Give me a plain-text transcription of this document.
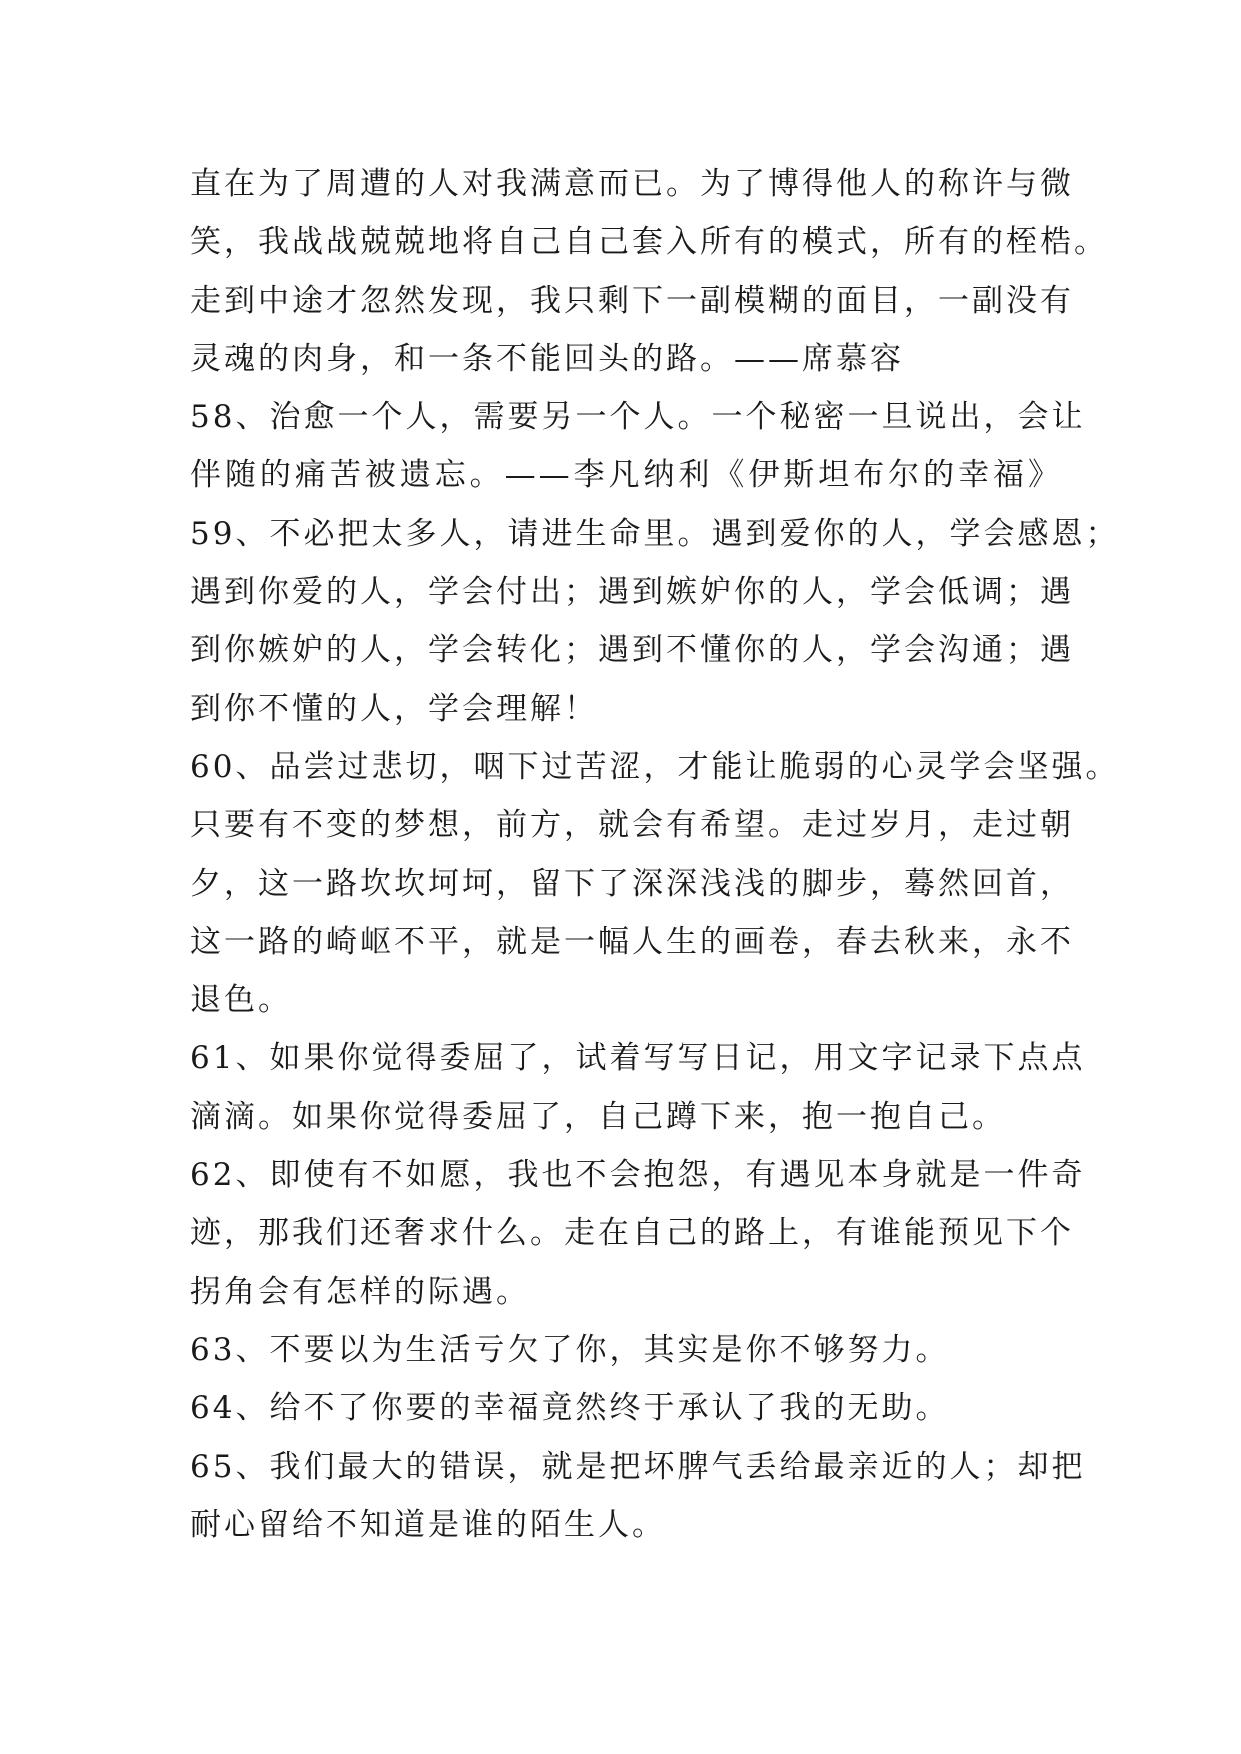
直在为了周遭的人对我满意而已。为了博得他人的称许与微
笑，我战战兢兢地将自己自己套入所有的模式，所有的桎梏。
走到中途才忽然发现，我只剩下一副模糊的面目，一副没有
灵魂的肉身，和一条不能回头的路。——席慕容
58、治愈一个人，需要另一个人。一个秘密一旦说出，会让
伴随的痛苦被遗忘。——李凡纳利《伊斯坦布尔的幸福》
59、不必把太多人，请进生命里。遇到爱你的人，学会感恩；
遇到你爱的人，学会付出；遇到嫉妒你的人，学会低调；遇
到你嫉妒的人，学会转化；遇到不懂你的人，学会沟通；遇
到你不懂的人，学会理解！
60、品尝过悲切，咽下过苦涩，才能让脆弱的心灵学会坚强。
只要有不变的梦想，前方，就会有希望。走过岁月，走过朝
夕，这一路坎坎坷坷，留下了深深浅浅的脚步，蓦然回首，
这一路的崎岖不平，就是一幅人生的画卷，春去秋来，永不
退色。
61、如果你觉得委屈了，试着写写日记，用文字记录下点点
滴滴。如果你觉得委屈了，自己蹲下来，抱一抱自己。
62、即使有不如愿，我也不会抱怨，有遇见本身就是一件奇
迹，那我们还奢求什么。走在自己的路上，有谁能预见下个
拐角会有怎样的际遇。
63、不要以为生活亏欠了你，其实是你不够努力。
64、给不了你要的幸福竟然终于承认了我的无助。
65、我们最大的错误，就是把坏脾气丢给最亲近的人；却把
耐心留给不知道是谁的陌生人。
